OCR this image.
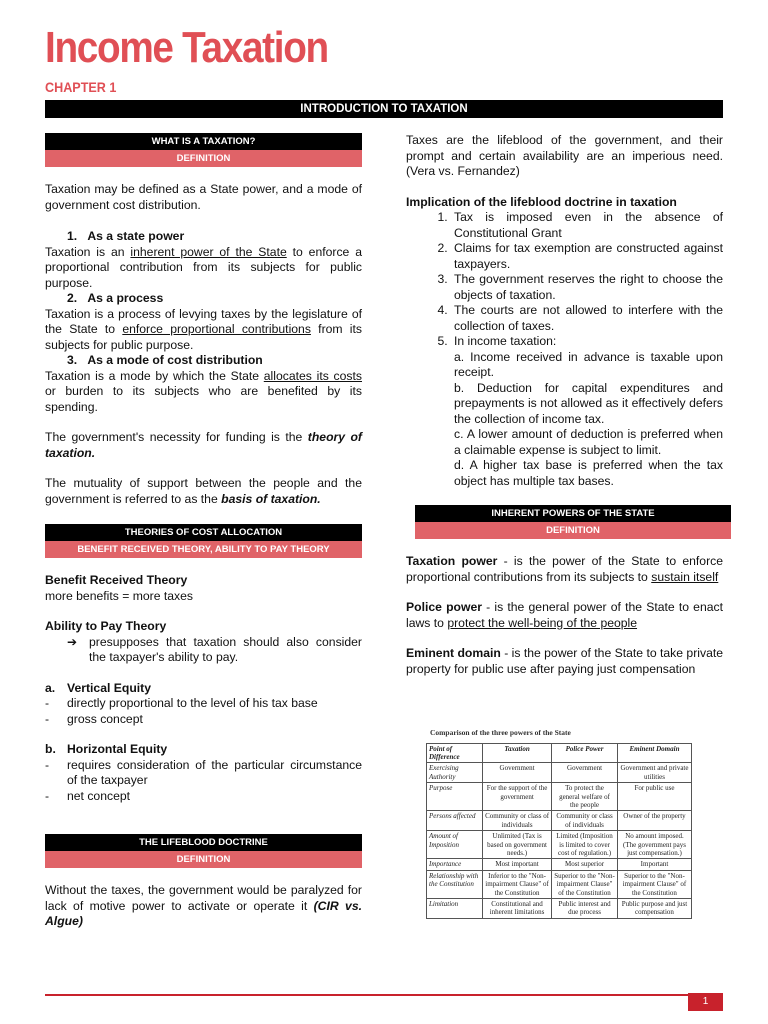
Income Taxation
CHAPTER 1
INTRODUCTION TO TAXATION
WHAT IS A TAXATION?
DEFINITION

Taxation may be defined as a State power, and a mode of government cost distribution.

1. As a state power

Taxation is an inherent power of the State to enforce a proportional contribution from its subjects for public purpose.

2. As a process

Taxation is a process of levying taxes by the legislature of the State to enforce proportional contributions from its subjects for public purpose.

3. As a mode of cost distribution

Taxation is a mode by which the State allocates its costs or burden to its subjects who are benefited by its spending.

The government's necessity for funding is the theory of taxation.

The mutuality of support between the people and the government is referred to as the basis of taxation.

THEORIES OF COST ALLOCATION
BENEFIT RECEIVED THEORY, ABILITY TO PAY THEORY
Benefit Received Theory
more benefits = more taxes
Ability to Pay Theory
➔ presupposes that taxation should also consider the taxpayer's ability to pay.
a. Vertical Equity
-	directly proportional to the level of his tax base
-	gross concept
b. Horizontal Equity
-	requires consideration of the particular circumstance of the taxpayer
-	net concept
THE LIFEBLOOD DOCTRINE
DEFINITION

Without the taxes, the government would be paralyzed for lack of motive power to activate or operate it (CIR vs. Algue)

Taxes are the lifeblood of the government, and their prompt and certain availability are an imperious need. (Vera vs. Fernandez)

Implication of the lifeblood doctrine in taxation
1. Tax is imposed even in the absence of Constitutional Grant
2. Claims for tax exemption are constructed against taxpayers.
3. The government reserves the right to choose the objects of taxation.
4. The courts are not allowed to interfere with the collection of taxes.
5. In income taxation:

a. Income received in advance is taxable upon receipt.

b. Deduction for capital expenditures and prepayments is not allowed as it effectively defers the collection of income tax.

c. A lower amount of deduction is preferred when a claimable expense is subject to limit.

d. A higher tax base is preferred when the tax object has multiple tax bases.

INHERENT POWERS OF THE STATE
DEFINITION

Taxation power - is the power of the State to enforce proportional contributions from its subjects to sustain itself

Police power - is the general power of the State to enact laws to protect the well-being of the people

Eminent domain - is the power of the State to take private property for public use after paying just compensation

Comparison of the three powers of the State
Point of Difference	Taxation	Police Power	Eminent Domain
Exercising Authority	Government	Government	Government and private utilities
Purpose	For the support of the government	To protect the general welfare of the people	For public use
Persons affected	Community or class of individuals	Community or class of individuals	Owner of the property
Amount of Imposition	Unlimited (Tax is based on government needs.)	Limited (Imposition is limited to cover cost of regulation.)	No amount imposed. (The government pays just compensation.)
Importance	Most important	Most superior	Important
Relationship with the Constitution	Inferior to the "Non-impairment Clause" of the Constitution	Superior to the "Non-impairment Clause" of the Constitution	Superior to the "Non-impairment Clause" of the Constitution
Limitation	Constitutional and inherent limitations	Public interest and due process	Public purpose and just compensation
1
